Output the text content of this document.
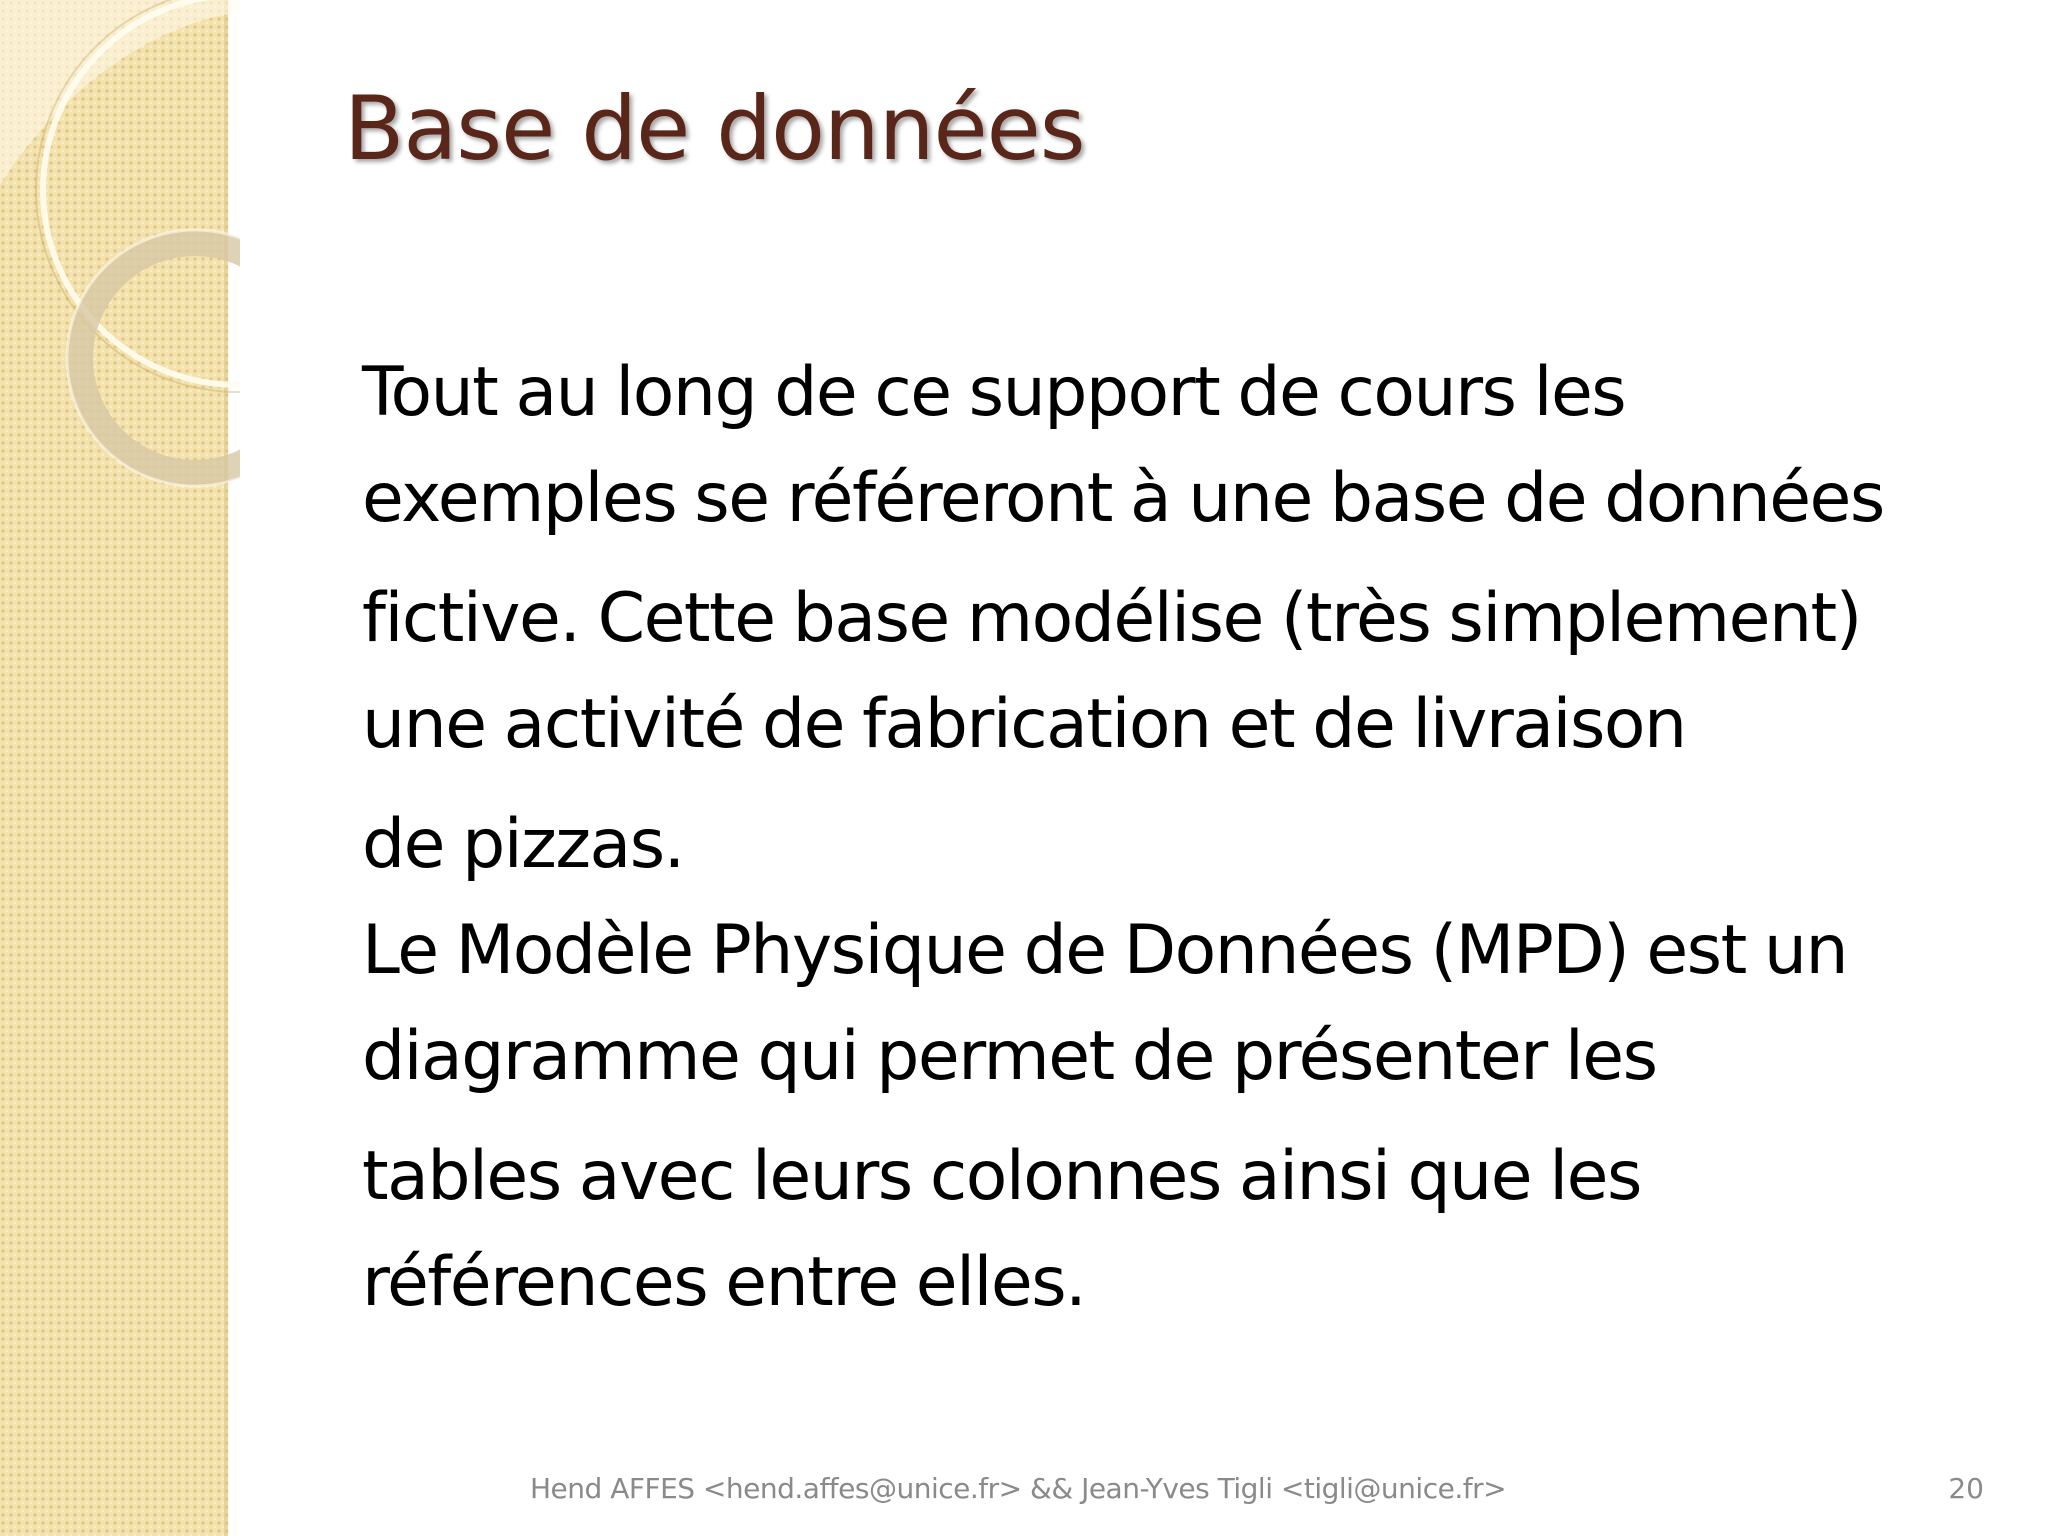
Base de données

Tout au long de ce support de cours les
exemples se référeront à une base de données
fictive. Cette base modélise (très simplement)
une activité de fabrication et de livraison
de pizzas.

Le Modèle Physique de Données (MPD) est un
diagramme qui permet de présenter les
tables avec leurs colonnes ainsi que les
références entre elles.

Hend AFFES <hend.affes@unice.fr> && Jean-Yves Tigli <tigli@unice.fr>	20
